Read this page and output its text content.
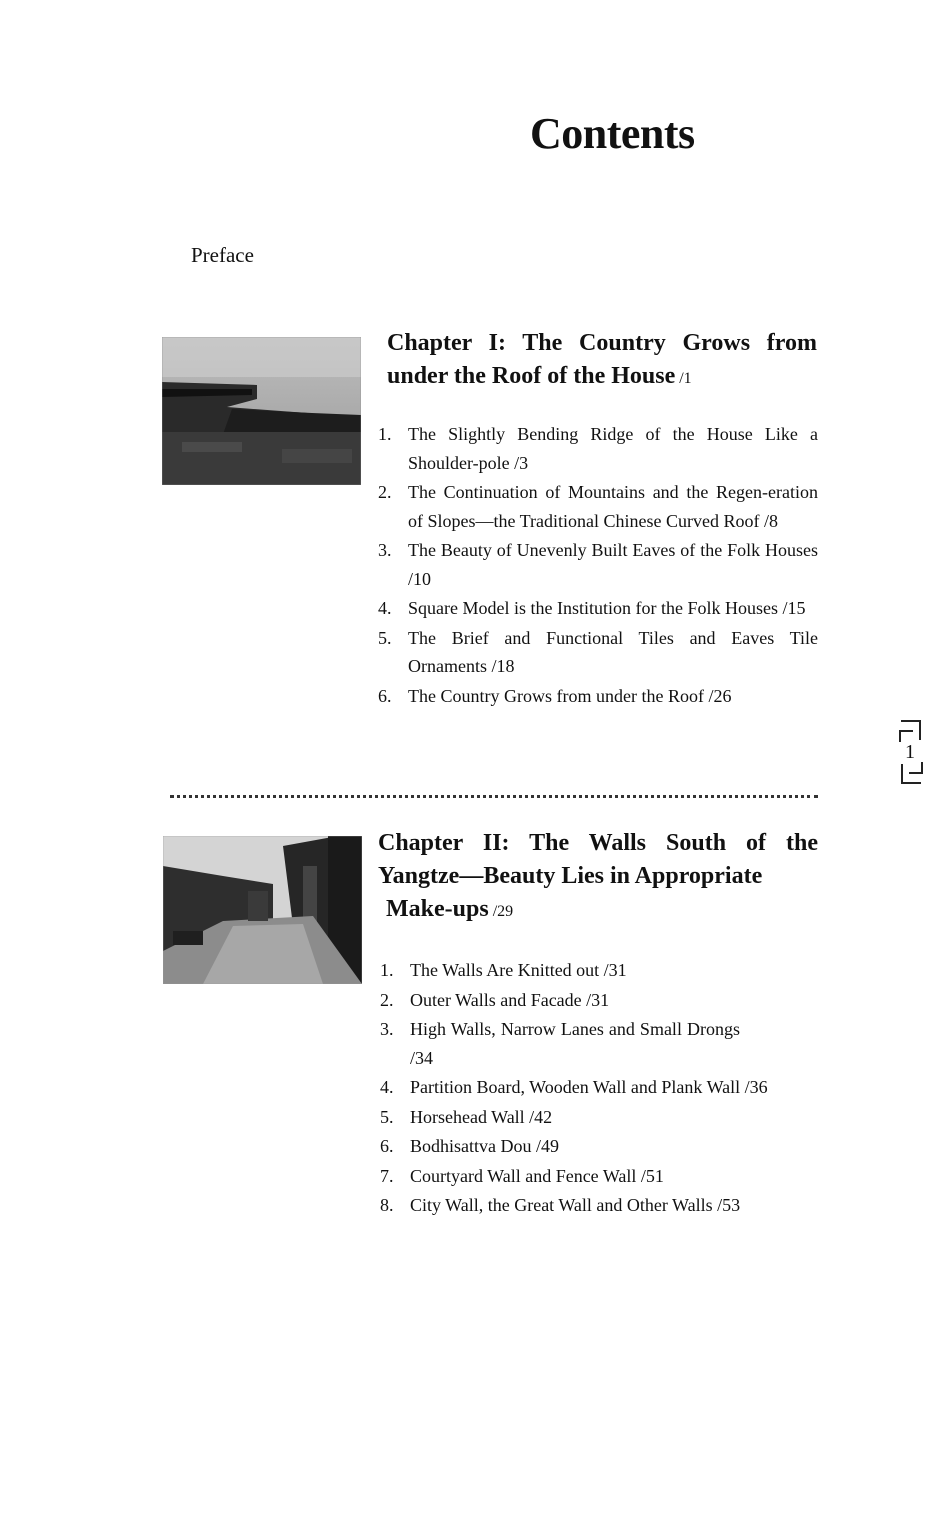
Contents
Preface
Chapter I: The Country Grows from under the Roof of the House /1
1. The Slightly Bending Ridge of the House Like a Shoulder-pole /3
2. The Continuation of Mountains and the Regen-eration of Slopes—the Traditional Chinese Curved Roof /8
3. The Beauty of Unevenly Built Eaves of the Folk Houses /10
4. Square Model is the Institution for the Folk Houses /15
5. The Brief and Functional Tiles and Eaves Tile Ornaments /18
6. The Country Grows from under the Roof /26
1
Chapter II: The Walls South of the Yangtze—Beauty Lies in Appropriate
Make-ups /29
1. The Walls Are Knitted out /31
2. Outer Walls and Facade /31
3. High Walls, Narrow Lanes and Small Drongs /34
4. Partition Board, Wooden Wall and Plank Wall /36
5. Horsehead Wall /42
6. Bodhisattva Dou /49
7. Courtyard Wall and Fence Wall /51
8. City Wall, the Great Wall and Other Walls /53
